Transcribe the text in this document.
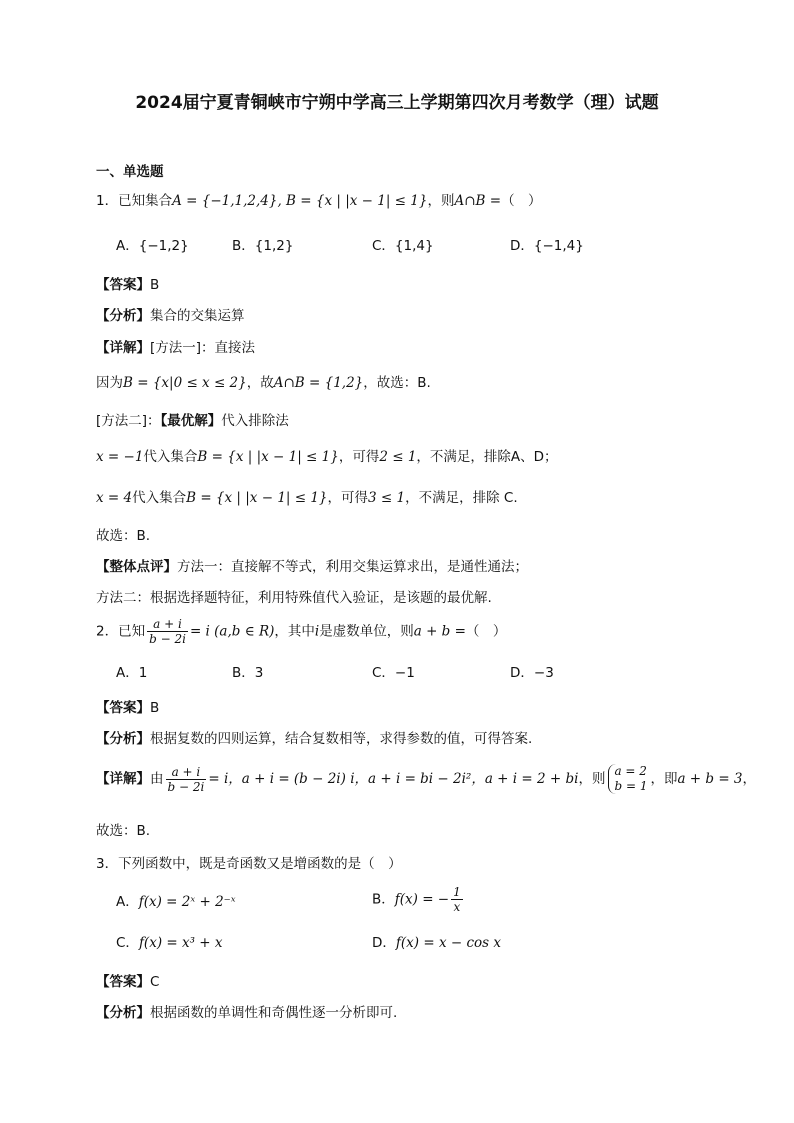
2024届宁夏青铜峡市宁朔中学高三上学期第四次月考数学（理）试题
一、单选题
1．已知集合A = {−1,1,2,4}, B = {x | |x − 1| ≤ 1}，则A∩B =（　）
A．{−1,2}	B．{1,2}	C．{1,4}	D．{−1,4}
【答案】B
【分析】集合的交集运算
【详解】[方法一]：直接法
因为B = {x|0 ≤ x ≤ 2}，故A∩B = {1,2}，故选：B.
[方法二]：【最优解】代入排除法
x = −1代入集合B = {x | |x − 1| ≤ 1}，可得2 ≤ 1，不满足，排除A、D；
x = 4代入集合B = {x | |x − 1| ≤ 1}，可得3 ≤ 1，不满足，排除 C.
故选：B.
【整体点评】方法一：直接解不等式，利用交集运算求出，是通性通法；
方法二：根据选择题特征，利用特殊值代入验证，是该题的最优解.
2．已知 $\frac{a + i}{b - 2i} = i$ (a,b ∈ R)，其中i是虚数单位，则a + b =（　）
A．1	B．3	C．−1	D．−3
【答案】B
【分析】根据复数的四则运算，结合复数相等，求得参数的值，可得答案.
【详解】由 $\frac{a + i}{b - 2i} = i$，a + i = (b − 2i) i，a + i = bi − 2i²，a + i = 2 + bi，则 a = 2
b = 1 ，即a + b = 3，
故选：B.
3．下列函数中，既是奇函数又是增函数的是（　）
A．f(x) = 2ˣ + 2⁻ˣ	B．f(x) = − $\frac{1}{x}$
C．f(x) = x³ + x	D．f(x) = x − cos x
【答案】C
【分析】根据函数的单调性和奇偶性逐一分析即可.
